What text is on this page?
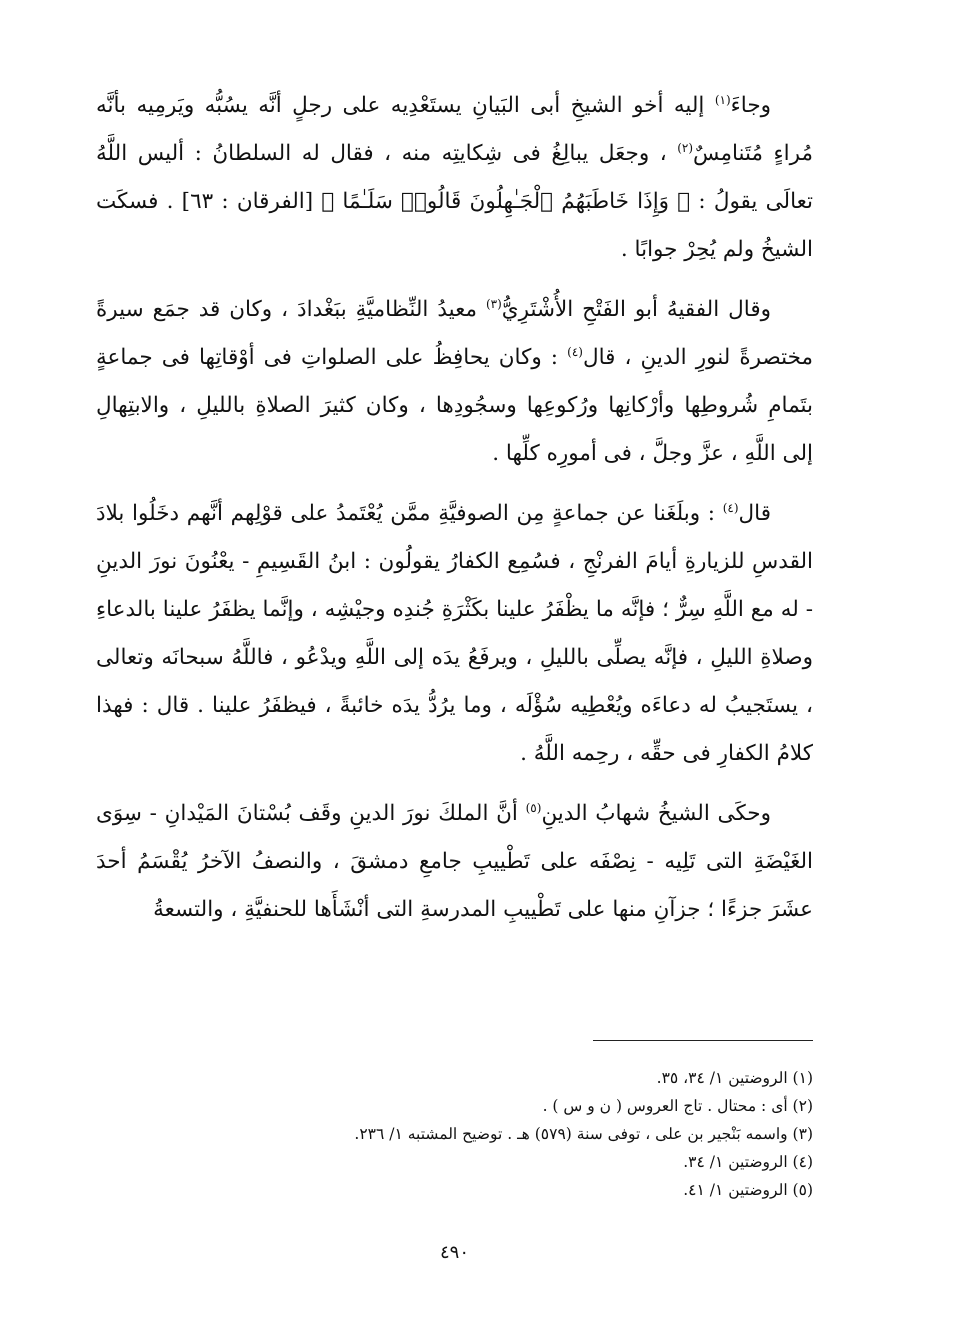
وجاءَ$^{(١)}$ إليه أخو الشيخِ أبى البَيانِ يستَعْدِيه على رجلٍ أنَّه يسُبُّه ويَرمِيه بأنَّه مُراءٍ مُتَنامِسٌ$^{(٢)}$ ، وجعَل يبالِغُ فى شِكايتِه منه ، فقال له السلطانُ : أليس اللَّهُ تعالَى يقولُ : ﴿ وَإِذَا خَاطَبَهُمُ ٱلْجَـٰهِلُونَ قَالُوا۟ سَلَـٰمًا ﴾ [الفرقان : ٦٣] . فسكَت الشيخُ ولم يُحِرْ جوابًا .

وقال الفقيهُ أبو الفَتْحِ الأُشْتَرِيُّ$^{(٣)}$ معيدُ النِّظاميَّةِ ببَغْدادَ ، وكان قد جمَع سيرةً مختصرةً لنورِ الدينِ ، قال$^{(٤)}$ : وكان يحافِظُ على الصلواتِ فى أوْقاتِها فى جماعةٍ بتَمامِ شُروطِها وأرْكانِها ورُكوعِها وسجُودِها ، وكان كثيرَ الصلاةِ بالليلِ ، والابتِهالِ إلى اللَّهِ ، عزَّ وجلَّ ، فى أمورِه كلِّها .

قال$^{(٤)}$ : وبلَغَنا عن جماعةٍ مِن الصوفيَّةِ ممَّن يُعْتَمدُ على قوْلِهم أنَّهم دخَلُوا بلادَ القدسِ للزيارةِ أيامَ الفرنْجِ ، فسُمِع الكفارُ يقولُون : ابنُ القَسِيمِ - يعْنُونَ نورَ الدينِ - له مع اللَّهِ سِرٌّ ؛ فإنَّه ما يظْفَرُ علينا بكَثْرَةِ جُندِه وجيْشِه ، وإنَّما يظفَرُ علينا بالدعاءِ وصلاةِ الليلِ ، فإنَّه يصلِّى بالليلِ ، ويرفَعُ يدَه إلى اللَّهِ ويدْعُو ، فاللَّهُ سبحانَه وتعالى ، يستَجيبُ له دعاءَه ويُعْطِيه سُؤْلَه ، وما يرُدُّ يدَه خائبةً ، فيظفَرُ علينا . قال : فهذا كلامُ الكفارِ فى حقِّه ، رحِمه اللَّهُ .

وحكَى الشيخُ شهابُ الدينِ$^{(٥)}$ أنَّ الملكَ نورَ الدينِ وقَف بُسْتانَ المَيْدانِ - سِوَى الغَيْضَةِ التى تَلِيه - نِصْفَه على تَطْييبِ جامعِ دمشقَ ، والنصفُ الآخرُ يُقْسَمُ أحدَ عشَرَ جزءًا ؛ جزآنِ منها على تَطْييبِ المدرسةِ التى أنْشَأَها للحنفيَّةِ ، والتسعةُ

(١) الروضتين ١/ ٣٤، ٣٥.

(٢) أى : محتال . تاج العروس ( ن و س ) .

(٣) واسمه بَنْجير بن على ، توفى سنة (٥٧٩) هـ . توضيح المشتبه ١/ ٢٣٦.

(٤) الروضتين ١/ ٣٤.

(٥) الروضتين ١/ ٤١.

٤٩٠
